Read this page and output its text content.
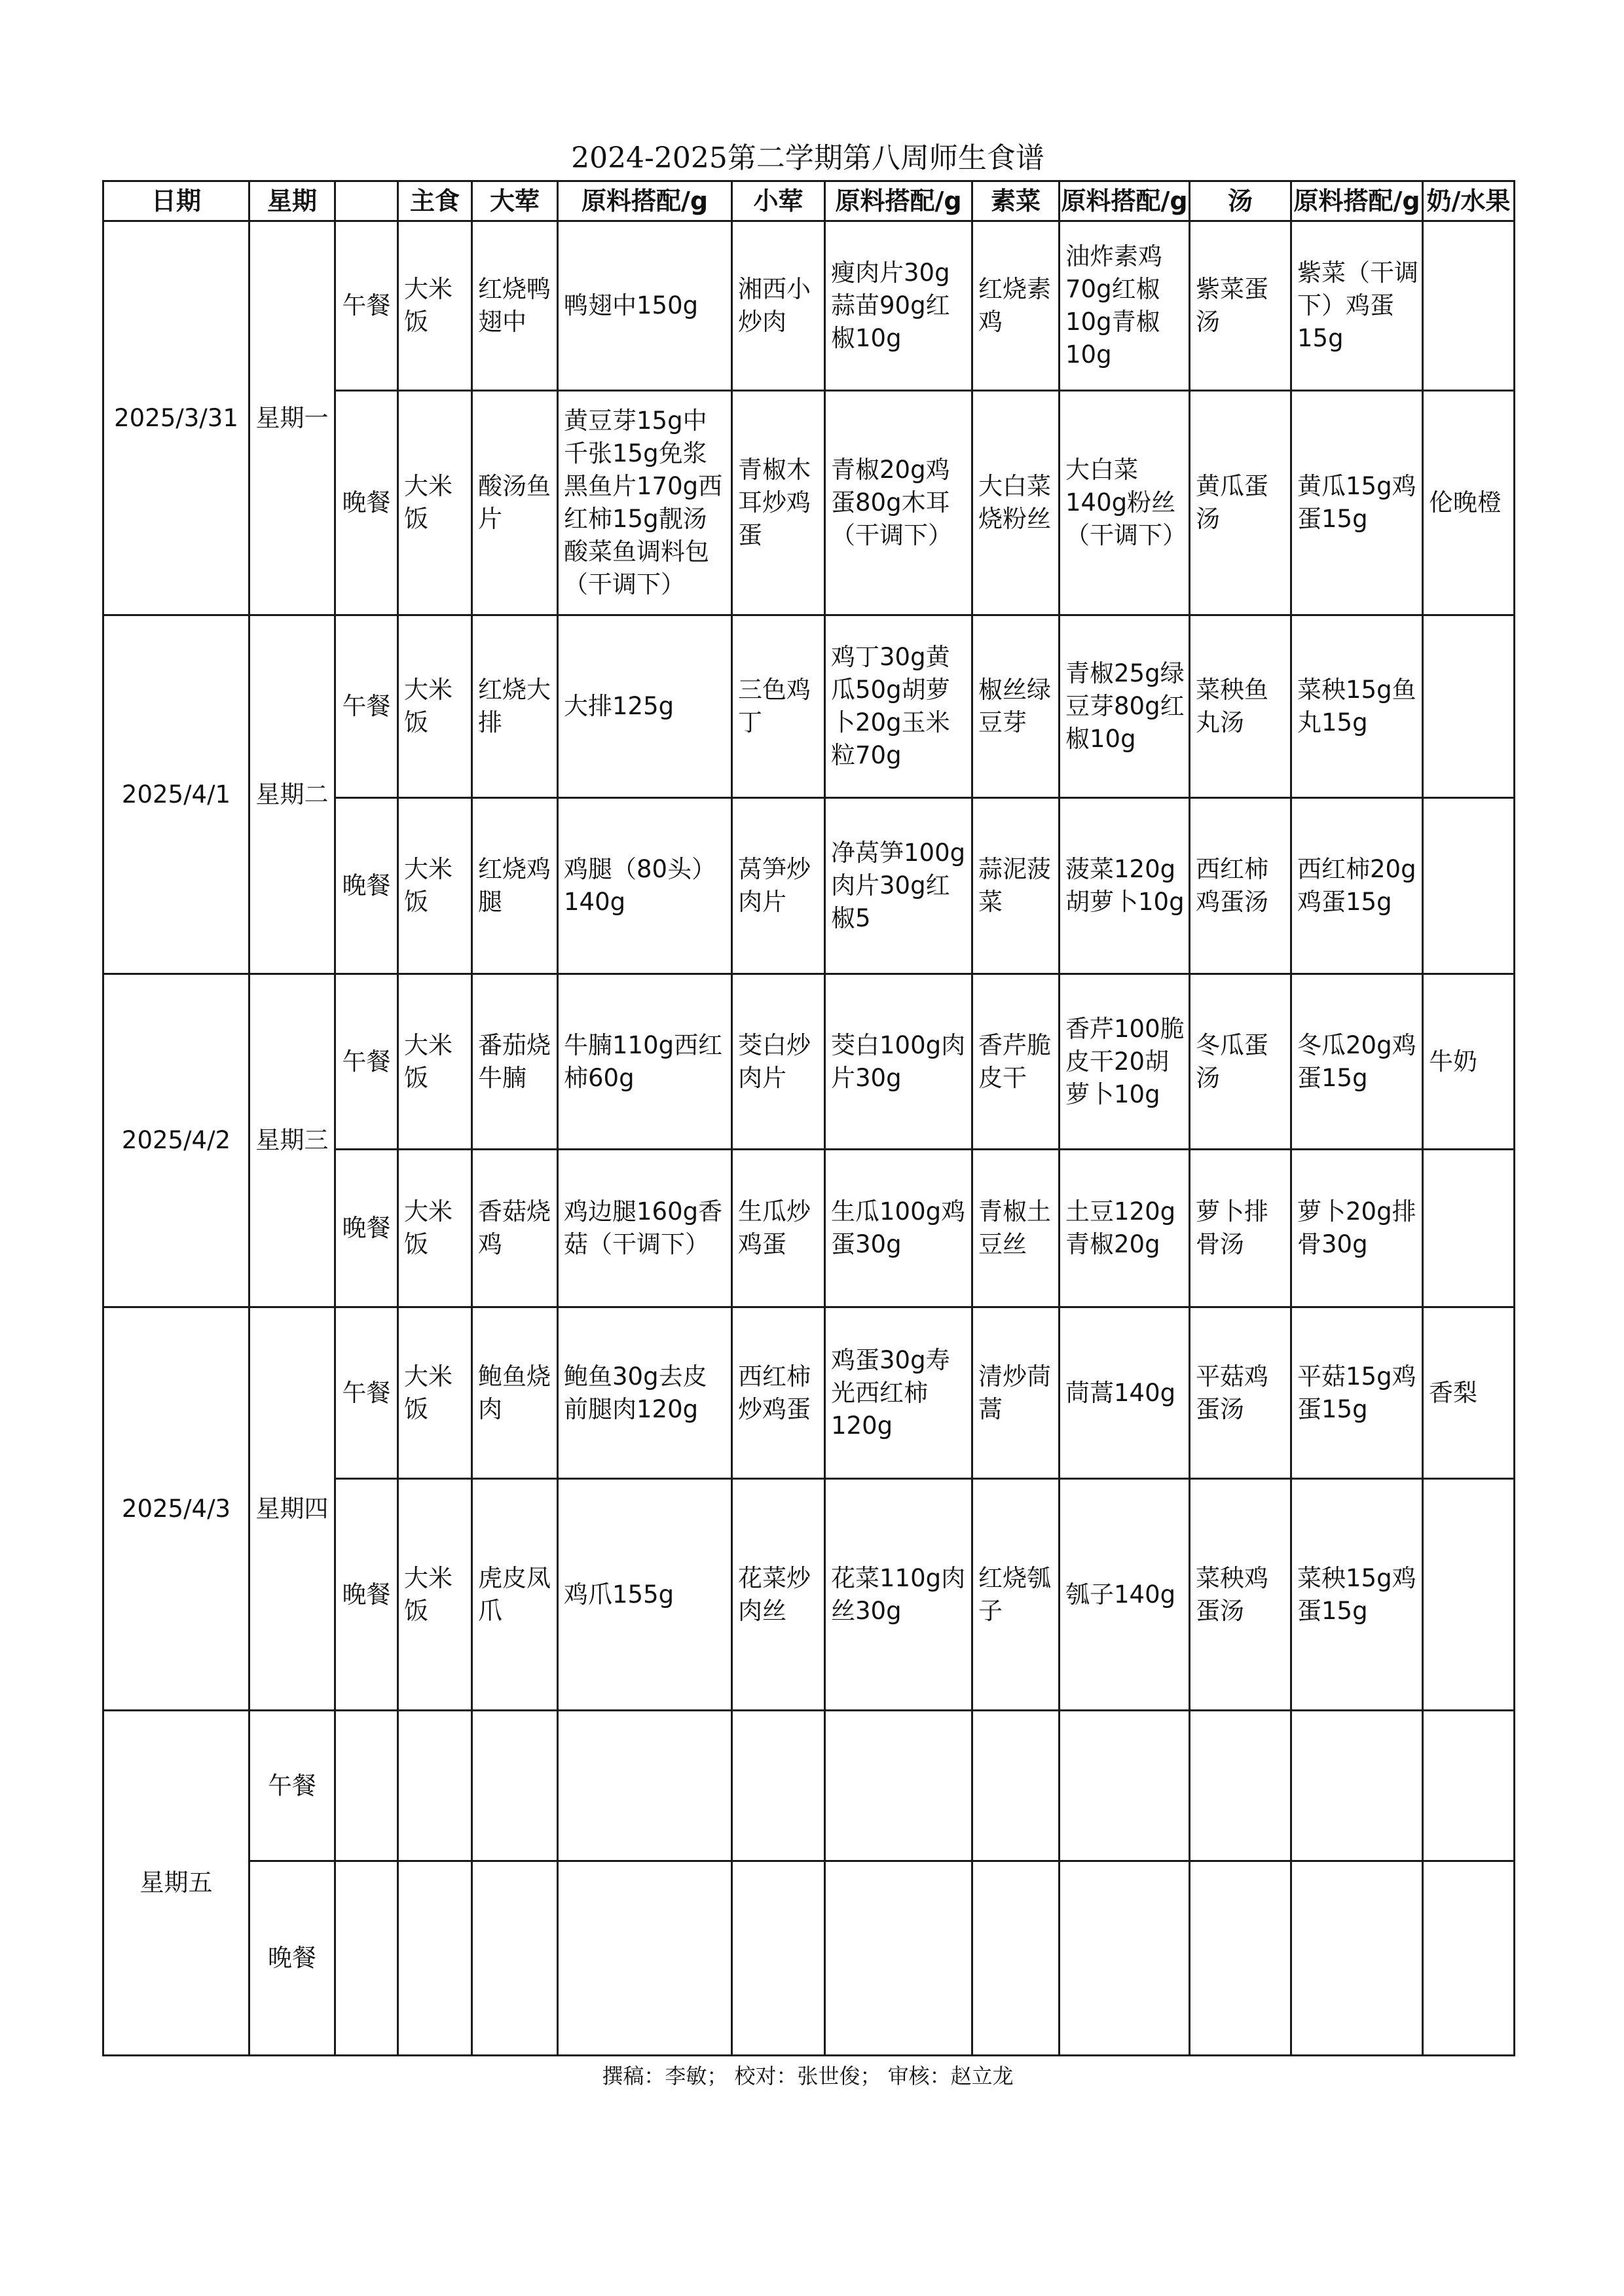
2024-2025第二学期第八周师生食谱
日期	星期		主食	大荤	原料搭配/g	小荤	原料搭配/g	素菜	原料搭配/g	汤	原料搭配/g	奶/水果
2025/3/31	星期一	午餐	大米饭	红烧鸭翅中	鸭翅中150g	湘西小炒肉	瘦肉片30g蒜苗90g红椒10g	红烧素鸡	油炸素鸡70g红椒10g青椒10g	紫菜蛋汤	紫菜（干调下）鸡蛋15g	
		晚餐	大米饭	酸汤鱼片	黄豆芽15g中千张15g免浆黑鱼片170g西红柿15g靓汤酸菜鱼调料包（干调下）	青椒木耳炒鸡蛋	青椒20g鸡蛋80g木耳（干调下）	大白菜烧粉丝	大白菜140g粉丝（干调下）	黄瓜蛋汤	黄瓜15g鸡蛋15g	伦晚橙
2025/4/1	星期二	午餐	大米饭	红烧大排	大排125g	三色鸡丁	鸡丁30g黄瓜50g胡萝卜20g玉米粒70g	椒丝绿豆芽	青椒25g绿豆芽80g红椒10g	菜秧鱼丸汤	菜秧15g鱼丸15g	
		晚餐	大米饭	红烧鸡腿	鸡腿（80头）140g	莴笋炒肉片	净莴笋100g肉片30g红椒5	蒜泥菠菜	菠菜120g胡萝卜10g	西红柿鸡蛋汤	西红柿20g鸡蛋15g	
2025/4/2	星期三	午餐	大米饭	番茄烧牛腩	牛腩110g西红柿60g	茭白炒肉片	茭白100g肉片30g	香芹脆皮干	香芹100脆皮干20胡萝卜10g	冬瓜蛋汤	冬瓜20g鸡蛋15g	牛奶
		晚餐	大米饭	香菇烧鸡	鸡边腿160g香菇（干调下）	生瓜炒鸡蛋	生瓜100g鸡蛋30g	青椒土豆丝	土豆120g青椒20g	萝卜排骨汤	萝卜20g排骨30g	
2025/4/3	星期四	午餐	大米饭	鲍鱼烧肉	鲍鱼30g去皮前腿肉120g	西红柿炒鸡蛋	鸡蛋30g寿光西红柿120g	清炒茼蒿	茼蒿140g	平菇鸡蛋汤	平菇15g鸡蛋15g	香梨
		晚餐	大米饭	虎皮凤爪	鸡爪155g	花菜炒肉丝	花菜110g肉丝30g	红烧瓠子	瓠子140g	菜秧鸡蛋汤	菜秧15g鸡蛋15g	
星期五	午餐											
	晚餐											
撰稿：李敏； 校对：张世俊； 审核：赵立龙
